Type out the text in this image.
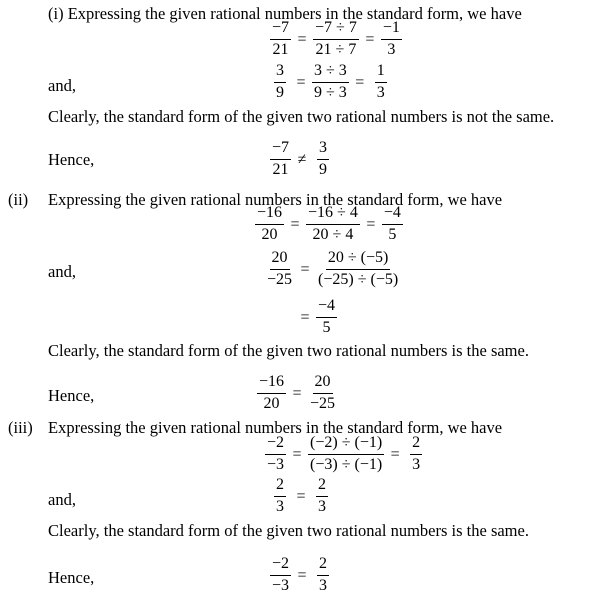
(i) Expressing the given rational numbers in the standard form, we have
$\frac{-7}{21} = \frac{-7 \div 7}{21 \div 7} = \frac{-1}{3}$
and,	$\frac{3}{9} = \frac{3 \div 3}{9 \div 3} = \frac{1}{3}$
Clearly, the standard form of the given two rational numbers is not the same.
Hence,	$\frac{-7}{21} \ne \frac{3}{9}$
(ii) Expressing the given rational numbers in the standard form, we have
$\frac{-16}{20} = \frac{-16 \div 4}{20 \div 4} = \frac{-4}{5}$
and,	$\frac{20}{-25} = \frac{20 \div (-5)}{(-25) \div (-5)}$
= $\frac{-4}{5}$
Clearly, the standard form of the given two rational numbers is the same.
Hence,	$\frac{-16}{20} = \frac{20}{-25}$
(iii) Expressing the given rational numbers in the standard form, we have
$\frac{-2}{-3} = \frac{(-2) \div (-1)}{(-3) \div (-1)} = \frac{2}{3}$
and,	$\frac{2}{3} = \frac{2}{3}$
Clearly, the standard form of the given two rational numbers is the same.
Hence,	$\frac{-2}{-3} = \frac{2}{3}$
